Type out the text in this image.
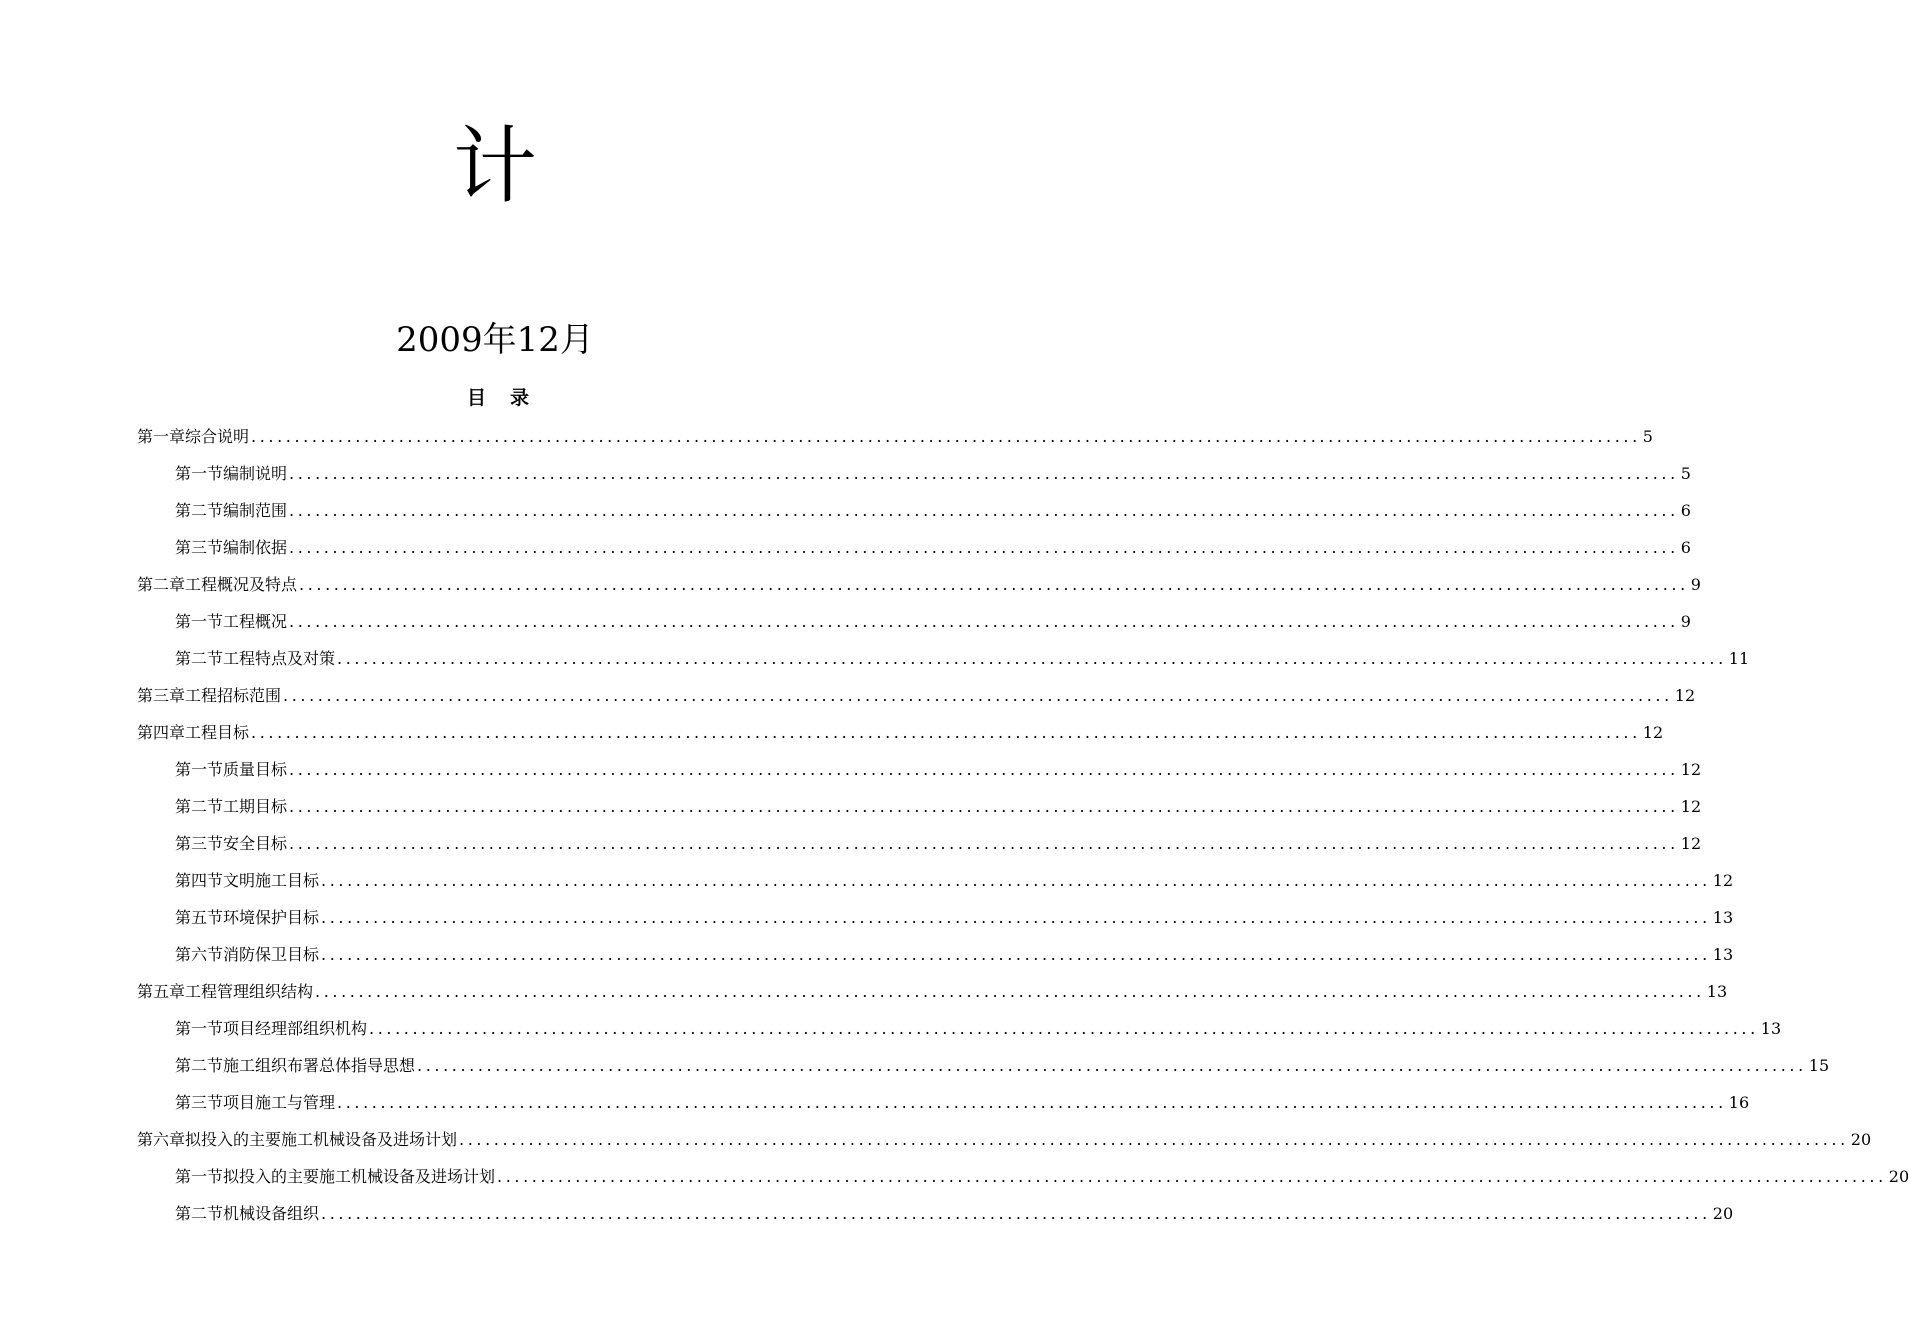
计
2009年12月
目 录
第一章 综合说明 ................................................................................................................................................................ 5
第一节 编制说明 ................................................................................................................................................................ 5
第二节 编制范围 ................................................................................................................................................................ 6
第三节 编制依据 ................................................................................................................................................................ 6
第二章 工程概况及特点 ................................................................................................................................................................ 9
第一节 工程概况 ................................................................................................................................................................ 9
第二节 工程特点及对策 ................................................................................................................................................................ 11
第三章 工程招标范围 ................................................................................................................................................................ 12
第四章 工程目标 ................................................................................................................................................................ 12
第一节 质量目标 ................................................................................................................................................................ 12
第二节 工期目标 ................................................................................................................................................................ 12
第三节 安全目标 ................................................................................................................................................................ 12
第四节 文明施工目标 ................................................................................................................................................................ 12
第五节 环境保护目标 ................................................................................................................................................................ 13
第六节 消防保卫目标 ................................................................................................................................................................ 13
第五章 工程管理组织结构 ................................................................................................................................................................ 13
第一节 项目经理部组织机构 ................................................................................................................................................................ 13
第二节 施工组织布署总体指导思想 ................................................................................................................................................................ 15
第三节 项目施工与管理 ................................................................................................................................................................ 16
第六章 拟投入的主要施工机械设备及进场计划 ................................................................................................................................................................ 20
第一节 拟投入的主要施工机械设备及进场计划 ................................................................................................................................................................ 20
第二节 机械设备组织 ................................................................................................................................................................ 20
